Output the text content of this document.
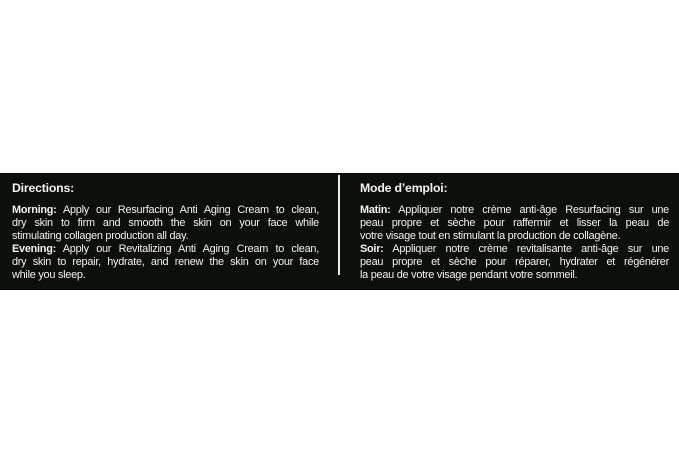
Directions:
Morning: Apply our Resurfacing Anti Aging Cream to clean,
dry skin to firm and smooth the skin on your face while
stimulating collagen production all day.
Evening: Apply our Revitalizing Anti Aging Cream to clean,
dry skin to repair, hydrate, and renew the skin on your face
while you sleep.
Mode d’emploi:
Matin: Appliquer notre crème anti-âge Resurfacing sur une
peau propre et sèche pour raffermir et lisser la peau de
votre visage tout en stimulant la production de collagène.
Soir: Appliquer notre crème revitalisante anti-âge sur une
peau propre et sèche pour réparer, hydrater et régénérer
la peau de votre visage pendant votre sommeil.
